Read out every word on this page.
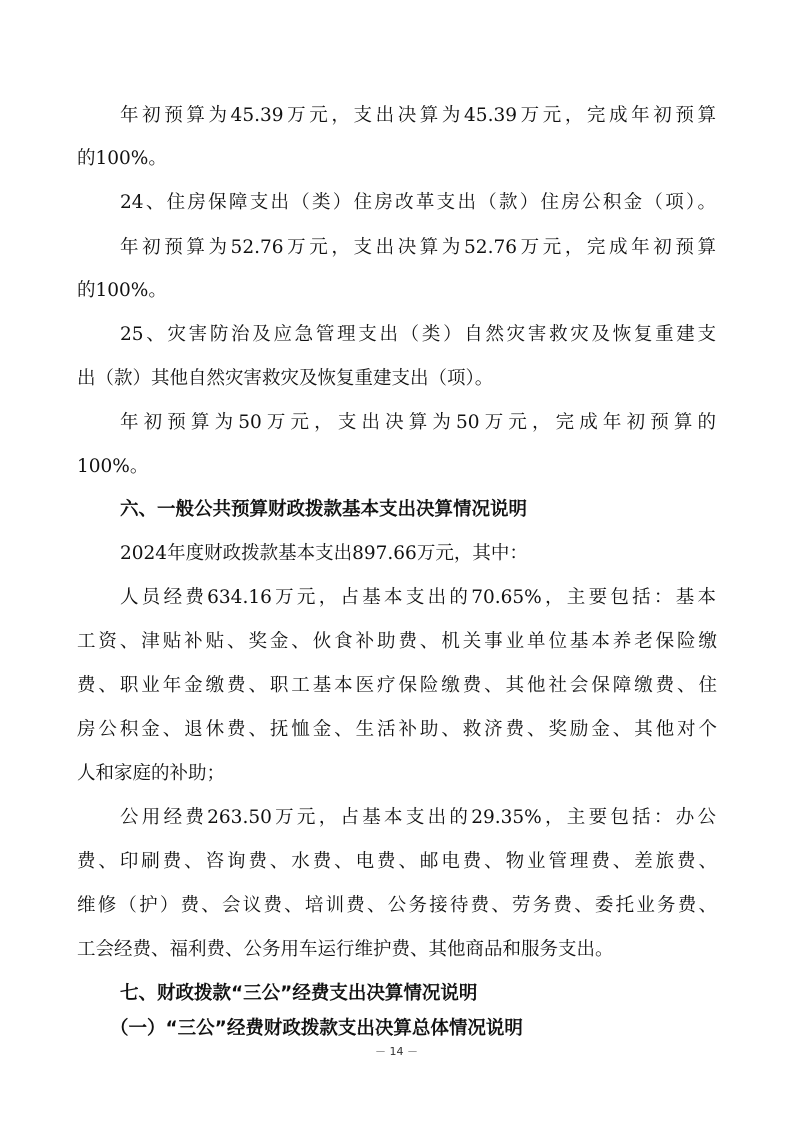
年初预算为45.39万元，支出决算为45.39万元，完成年初预算
的100%。
24、住房保障支出（类）住房改革支出（款）住房公积金（项）。
年初预算为52.76万元，支出决算为52.76万元，完成年初预算
的100%。
25、灾害防治及应急管理支出（类）自然灾害救灾及恢复重建支
出（款）其他自然灾害救灾及恢复重建支出（项）。
年初预算为50万元，支出决算为50万元，完成年初预算的
100%。
六、一般公共预算财政拨款基本支出决算情况说明
2024年度财政拨款基本支出897.66万元，其中：
人员经费634.16万元，占基本支出的70.65%，主要包括：基本
工资、津贴补贴、奖金、伙食补助费、机关事业单位基本养老保险缴
费、职业年金缴费、职工基本医疗保险缴费、其他社会保障缴费、住
房公积金、退休费、抚恤金、生活补助、救济费、奖励金、其他对个
人和家庭的补助；
公用经费263.50万元，占基本支出的29.35%，主要包括：办公
费、印刷费、咨询费、水费、电费、邮电费、物业管理费、差旅费、
维修（护）费、会议费、培训费、公务接待费、劳务费、委托业务费、
工会经费、福利费、公务用车运行维护费、其他商品和服务支出。
七、财政拨款“三公”经费支出决算情况说明
（一）“三公”经费财政拨款支出决算总体情况说明
－ 14 －
